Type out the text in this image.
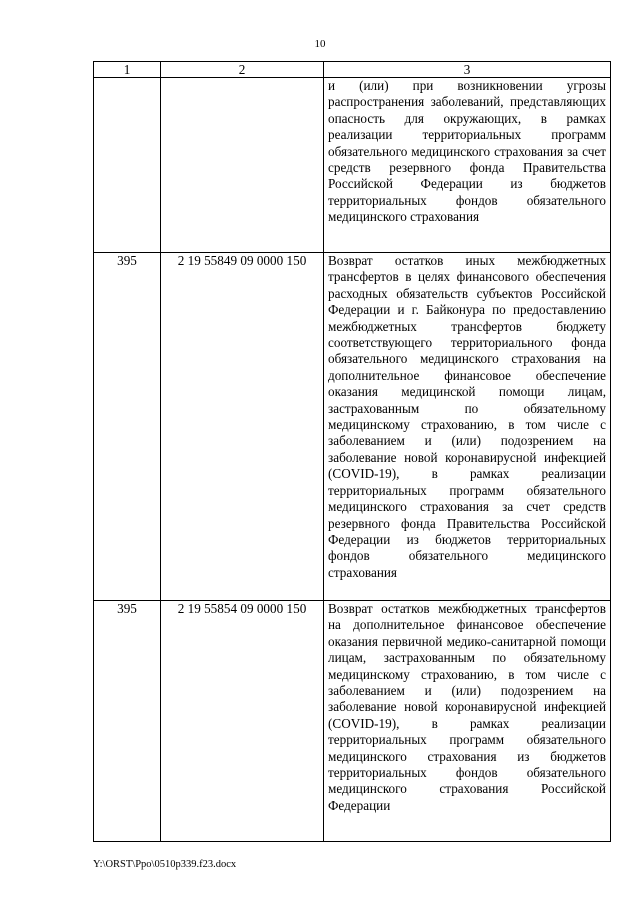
10
1	2	3
		и (или) при возникновении угрозы распространения заболеваний, представляющих опасность для окружающих, в рамках реализации территориальных программ обязательного медицинского страхования за счет средств резервного фонда Правительства Российской Федерации из бюджетов территориальных фондов обязательного медицинского страхования
395	2 19 55849 09 0000 150	Возврат остатков иных межбюджетных трансфертов в целях финансового обеспечения расходных обязательств субъектов Российской Федерации и г. Байконура по предоставлению межбюджетных трансфертов бюджету соответствующего территориального фонда обязательного медицинского страхования на дополнительное финансовое обеспечение оказания медицинской помощи лицам, застрахованным по обязательному медицинскому страхованию, в том числе с заболеванием и (или) подозрением на заболевание новой коронавирусной инфекцией (COVID-19), в рамках реализации территориальных программ обязательного медицинского страхования за счет средств резервного фонда Правительства Российской Федерации из бюджетов территориальных фондов обязательного медицинского страхования
395	2 19 55854 09 0000 150	Возврат остатков межбюджетных трансфертов на дополнительное финансовое обеспечение оказания первичной медико-санитарной помощи лицам, застрахованным по обязательному медицинскому страхованию, в том числе с заболеванием и (или) подозрением на заболевание новой коронавирусной инфекцией (COVID-19), в рамках реализации территориальных программ обязательного медицинского страхования из бюджетов территориальных фондов обязательного медицинского страхования Российской Федерации
Y:\ORST\Ppo\0510p339.f23.docx
